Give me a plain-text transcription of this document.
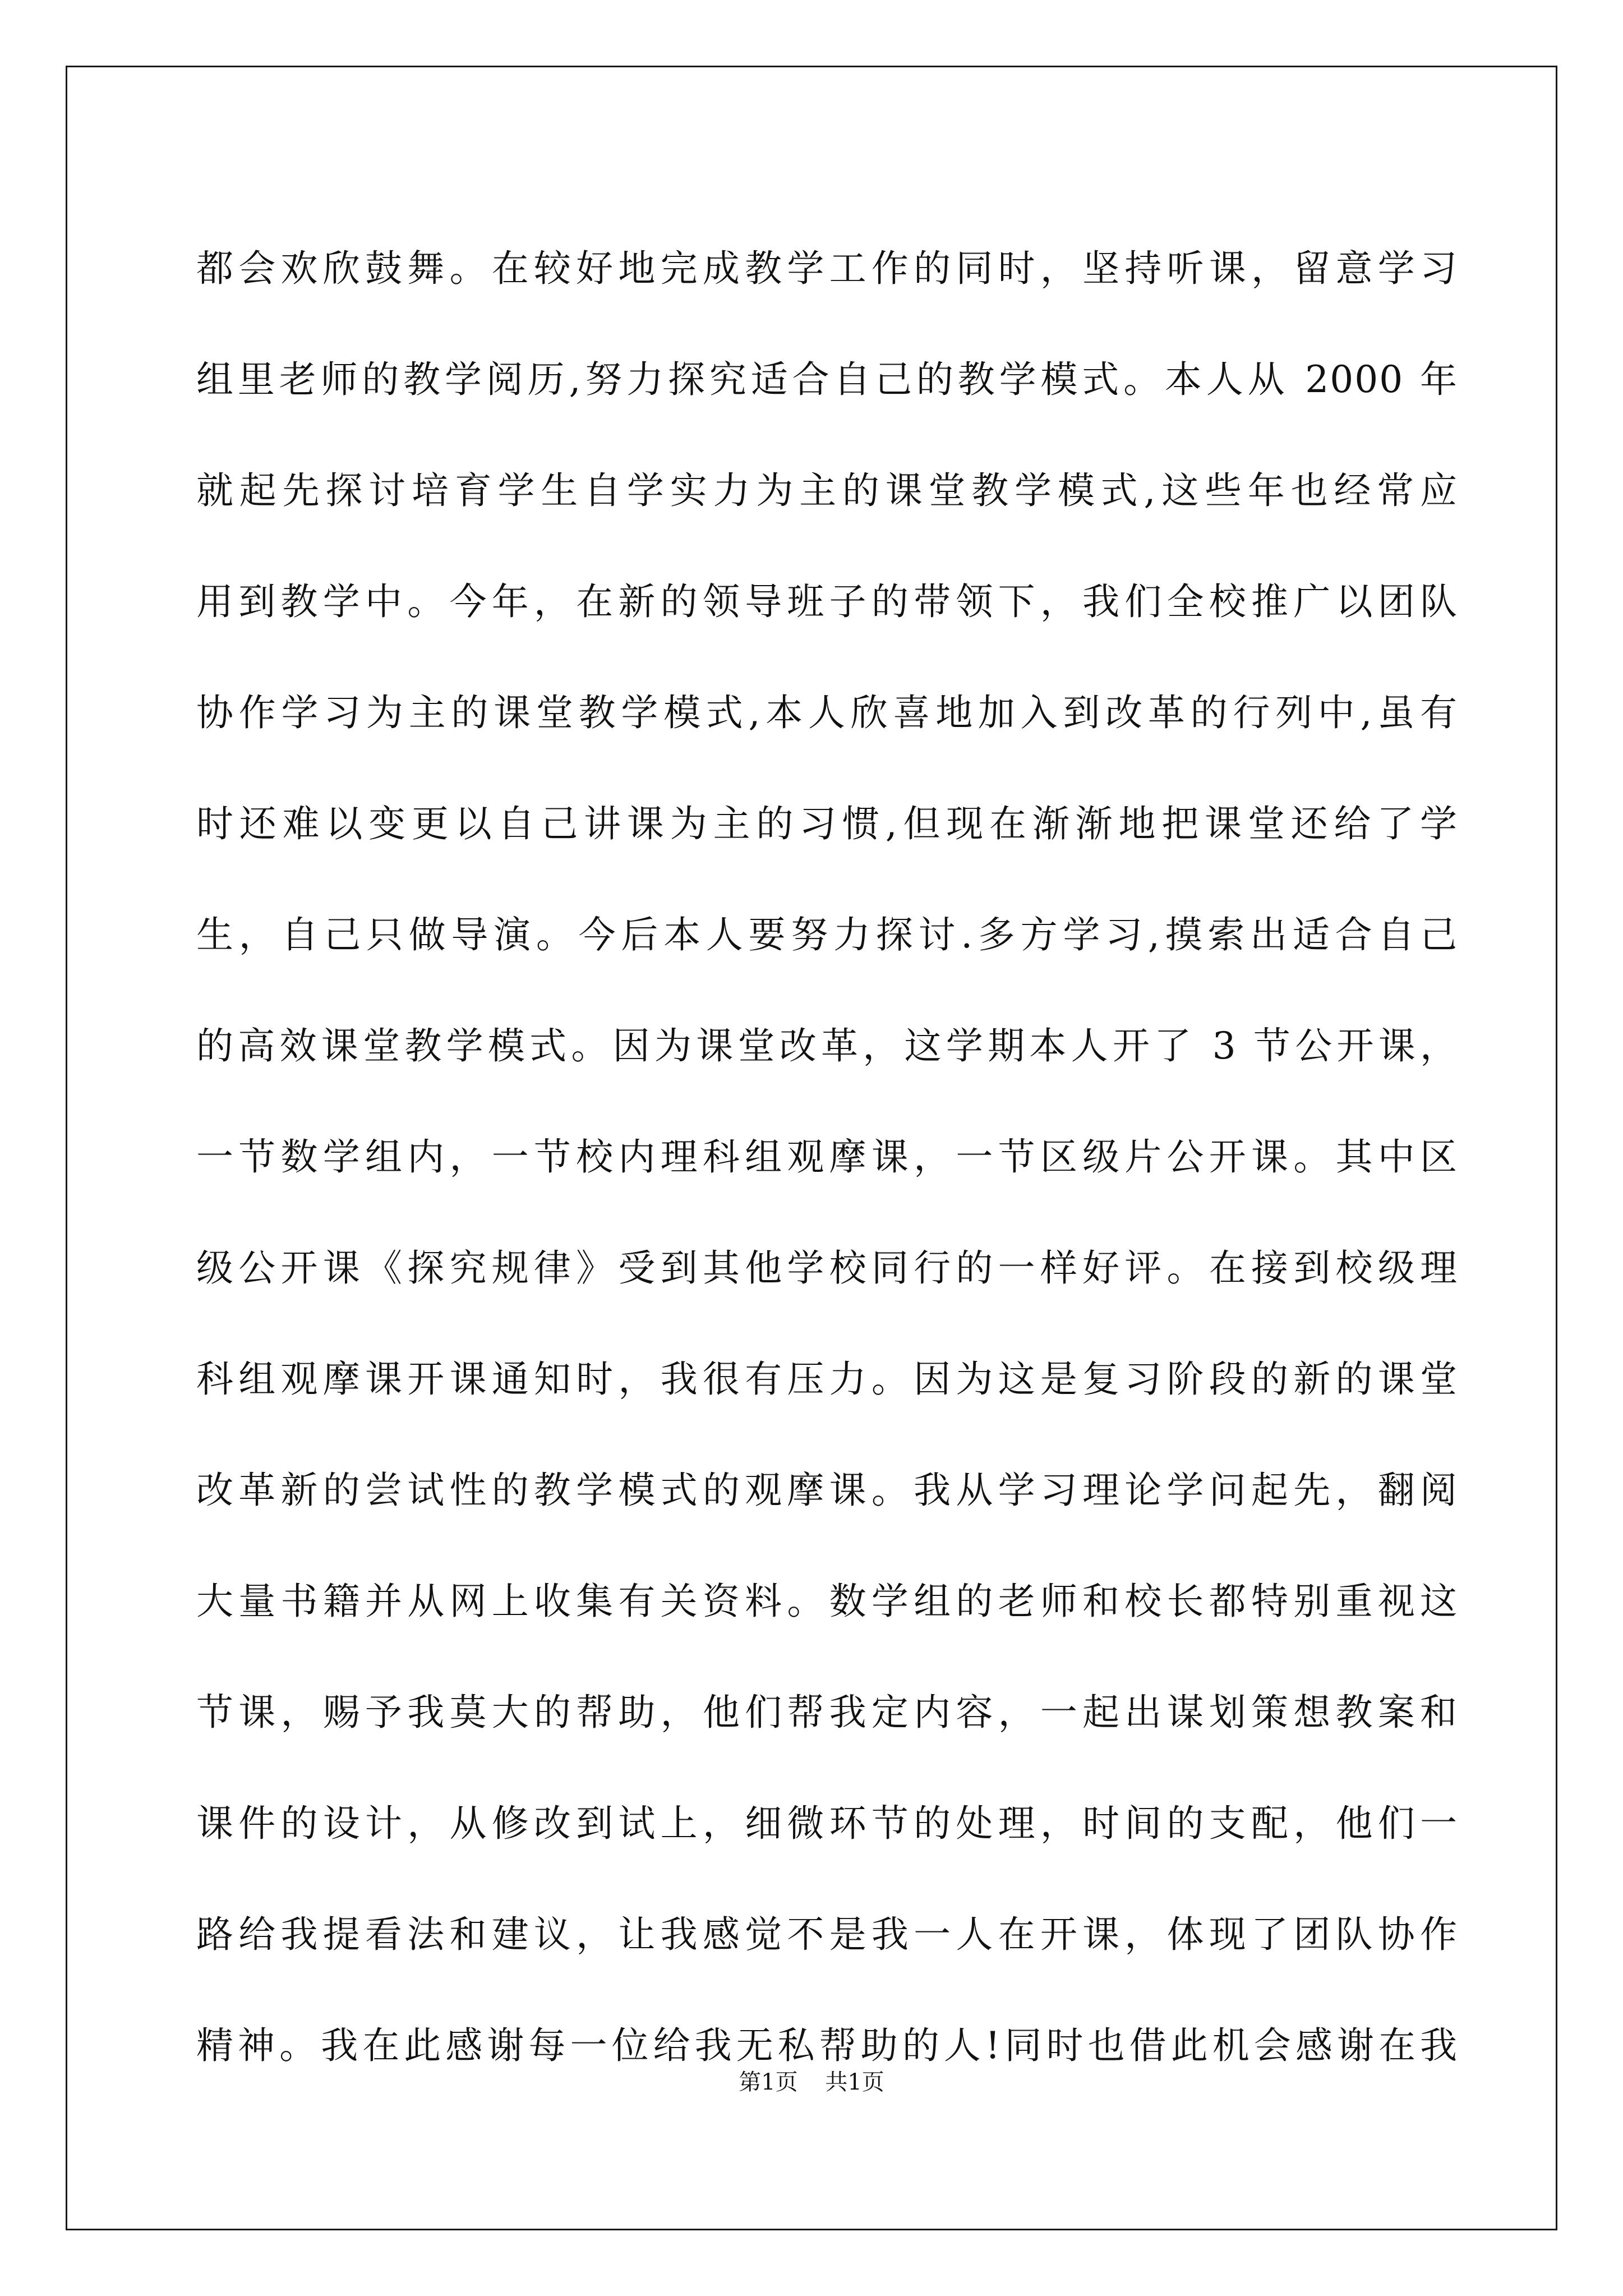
都会欢欣鼓舞。在较好地完成教学工作的同时，坚持听课，留意学习
组里老师的教学阅历,努力探究适合自己的教学模式。本人从 2000 年
就起先探讨培育学生自学实力为主的课堂教学模式,这些年也经常应
用到教学中。今年，在新的领导班子的带领下，我们全校推广以团队
协作学习为主的课堂教学模式,本人欣喜地加入到改革的行列中,虽有
时还难以变更以自己讲课为主的习惯,但现在渐渐地把课堂还给了学
生，自己只做导演。今后本人要努力探讨.多方学习,摸索出适合自己
的高效课堂教学模式。因为课堂改革，这学期本人开了 3 节公开课，
一节数学组内，一节校内理科组观摩课，一节区级片公开课。其中区
级公开课《探究规律》受到其他学校同行的一样好评。在接到校级理
科组观摩课开课通知时，我很有压力。因为这是复习阶段的新的课堂
改革新的尝试性的教学模式的观摩课。我从学习理论学问起先，翻阅
大量书籍并从网上收集有关资料。数学组的老师和校长都特别重视这
节课，赐予我莫大的帮助，他们帮我定内容，一起出谋划策想教案和
课件的设计，从修改到试上，细微环节的处理，时间的支配，他们一
路给我提看法和建议，让我感觉不是我一人在开课，体现了团队协作
精神。我在此感谢每一位给我无私帮助的人!同时也借此机会感谢在我
第1页 共1页
